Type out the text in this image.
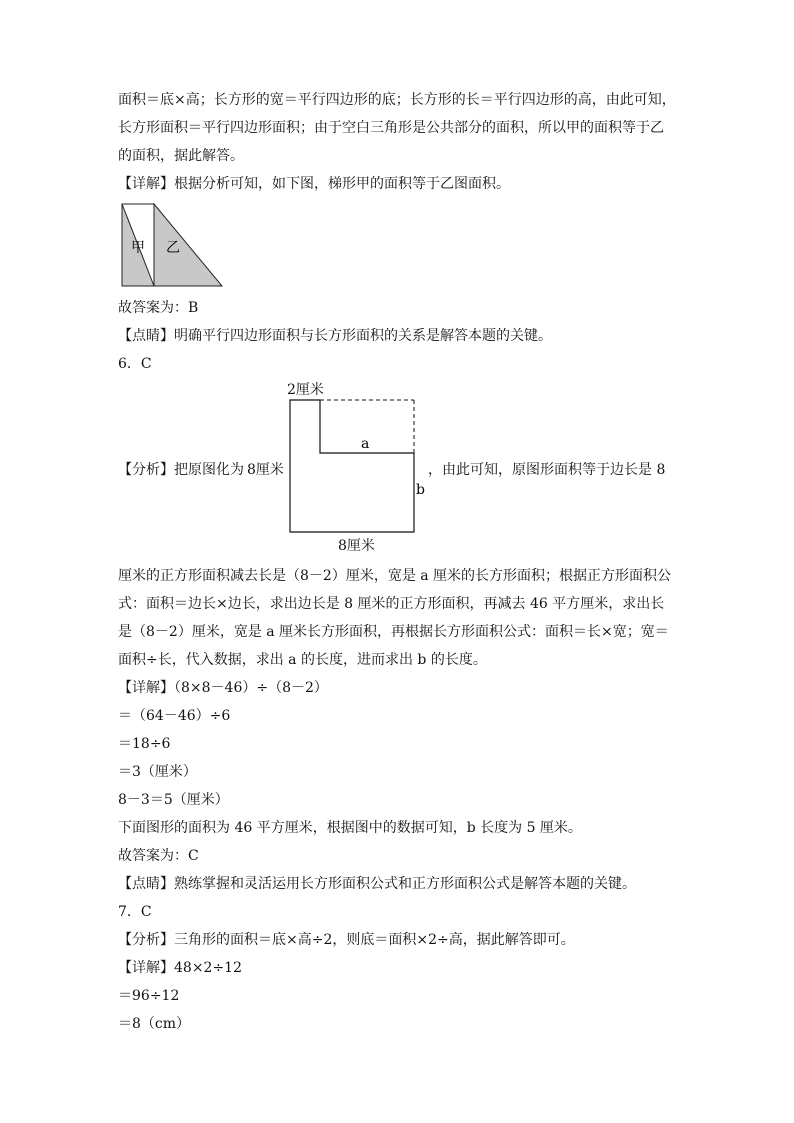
面积＝底×高；长方形的宽＝平行四边形的底；长方形的长＝平行四边形的高，由此可知，
长方形面积＝平行四边形面积；由于空白三角形是公共部分的面积，所以甲的面积等于乙
的面积，据此解答。
【详解】根据分析可知，如下图，梯形甲的面积等于乙图面积。
甲 乙
故答案为：B
【点睛】明确平行四边形面积与长方形面积的关系是解答本题的关键。
6．C
2厘米
a
b
8厘米
【分析】把原图化为 8厘米	，由此可知，原图形面积等于边长是 8
厘米的正方形面积减去长是（8－2）厘米，宽是 a 厘米的长方形面积；根据正方形面积公
式：面积＝边长×边长，求出边长是 8 厘米的正方形面积，再减去 46 平方厘米，求出长
是（8－2）厘米，宽是 a 厘米长方形面积，再根据长方形面积公式：面积＝长×宽；宽＝
面积÷长，代入数据，求出 a 的长度，进而求出 b 的长度。
【详解】（8×8－46）÷（8－2）
＝（64－46）÷6
＝18÷6
＝3（厘米）
8－3＝5（厘米）
下面图形的面积为 46 平方厘米，根据图中的数据可知，b 长度为 5 厘米。
故答案为：C
【点睛】熟练掌握和灵活运用长方形面积公式和正方形面积公式是解答本题的关键。
7．C
【分析】三角形的面积＝底×高÷2，则底＝面积×2÷高，据此解答即可。
【详解】48×2÷12
＝96÷12
＝8（cm）
